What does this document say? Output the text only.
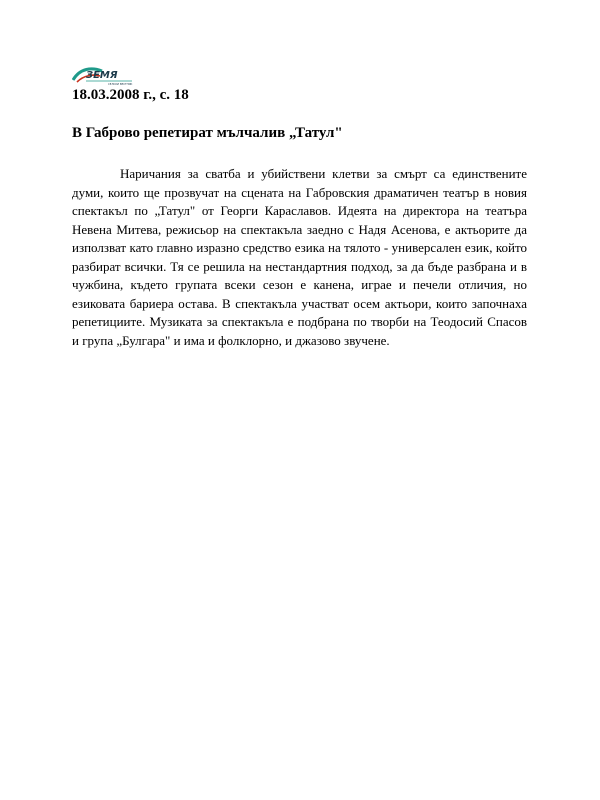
ЗЕМЯ
СЕЛСКИ ВЕСТНИК
18.03.2008 г., с. 18
В Габрово репетират мълчалив „Татул"

Наричания за сватба и убийствени клетви за смърт са единствените думи, които ще прозвучат на сцената на Габровския драматичен театър в новия спектакъл по „Татул" от Георги Караславов. Идеята на директора на театъра Невена Митева, режисьор на спектакъла заедно с Надя Асенова, е актьорите да използват като главно изразно средство езика на тялото - универсален език, който разбират всички. Тя се решила на нестандартния подход, за да бъде разбрана и в чужбина, където групата всеки сезон е канена, играе и печели отличия, но езиковата бариера остава. В спектакъла участват осем актьори, които започнаха репетициите. Музиката за спектакъла е подбрана по творби на Теодосий Спасов и група „Булгара" и има и фолклорно, и джазово звучене.
